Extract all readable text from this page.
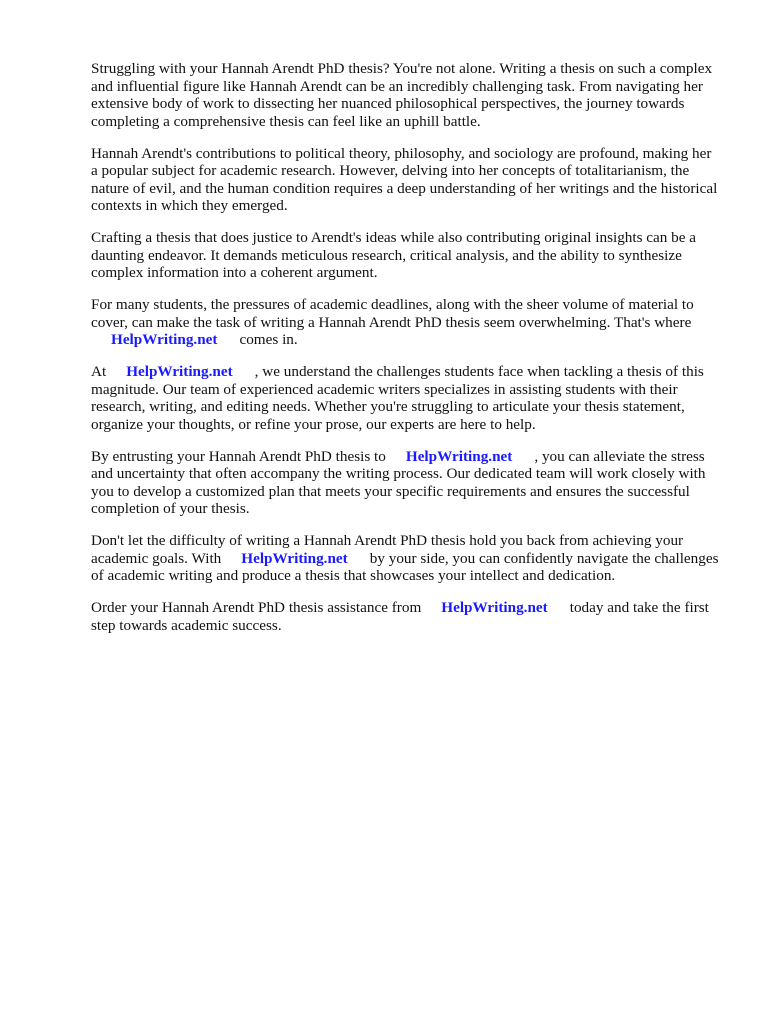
Struggling with your Hannah Arendt PhD thesis? You're not alone. Writing a thesis on such a complex and influential figure like Hannah Arendt can be an incredibly challenging task. From navigating her extensive body of work to dissecting her nuanced philosophical perspectives, the journey towards completing a comprehensive thesis can feel like an uphill battle.

Hannah Arendt's contributions to political theory, philosophy, and sociology are profound, making her a popular subject for academic research. However, delving into her concepts of totalitarianism, the nature of evil, and the human condition requires a deep understanding of her writings and the historical contexts in which they emerged.

Crafting a thesis that does justice to Arendt's ideas while also contributing original insights can be a daunting endeavor. It demands meticulous research, critical analysis, and the ability to synthesize complex information into a coherent argument.

For many students, the pressures of academic deadlines, along with the sheer volume of material to cover, can make the task of writing a Hannah Arendt PhD thesis seem overwhelming. That's where
HelpWriting.net comes in.

At HelpWriting.net , we understand the challenges students face when tackling a thesis of this magnitude. Our team of experienced academic writers specializes in assisting students with their research, writing, and editing needs. Whether you're struggling to articulate your thesis statement, organize your thoughts, or refine your prose, our experts are here to help.

By entrusting your Hannah Arendt PhD thesis to HelpWriting.net , you can alleviate the stress and uncertainty that often accompany the writing process. Our dedicated team will work closely with you to develop a customized plan that meets your specific requirements and ensures the successful completion of your thesis.

Don't let the difficulty of writing a Hannah Arendt PhD thesis hold you back from achieving your academic goals. With HelpWriting.net by your side, you can confidently navigate the challenges of academic writing and produce a thesis that showcases your intellect and dedication.

Order your Hannah Arendt PhD thesis assistance from HelpWriting.net today and take the first step towards academic success.
